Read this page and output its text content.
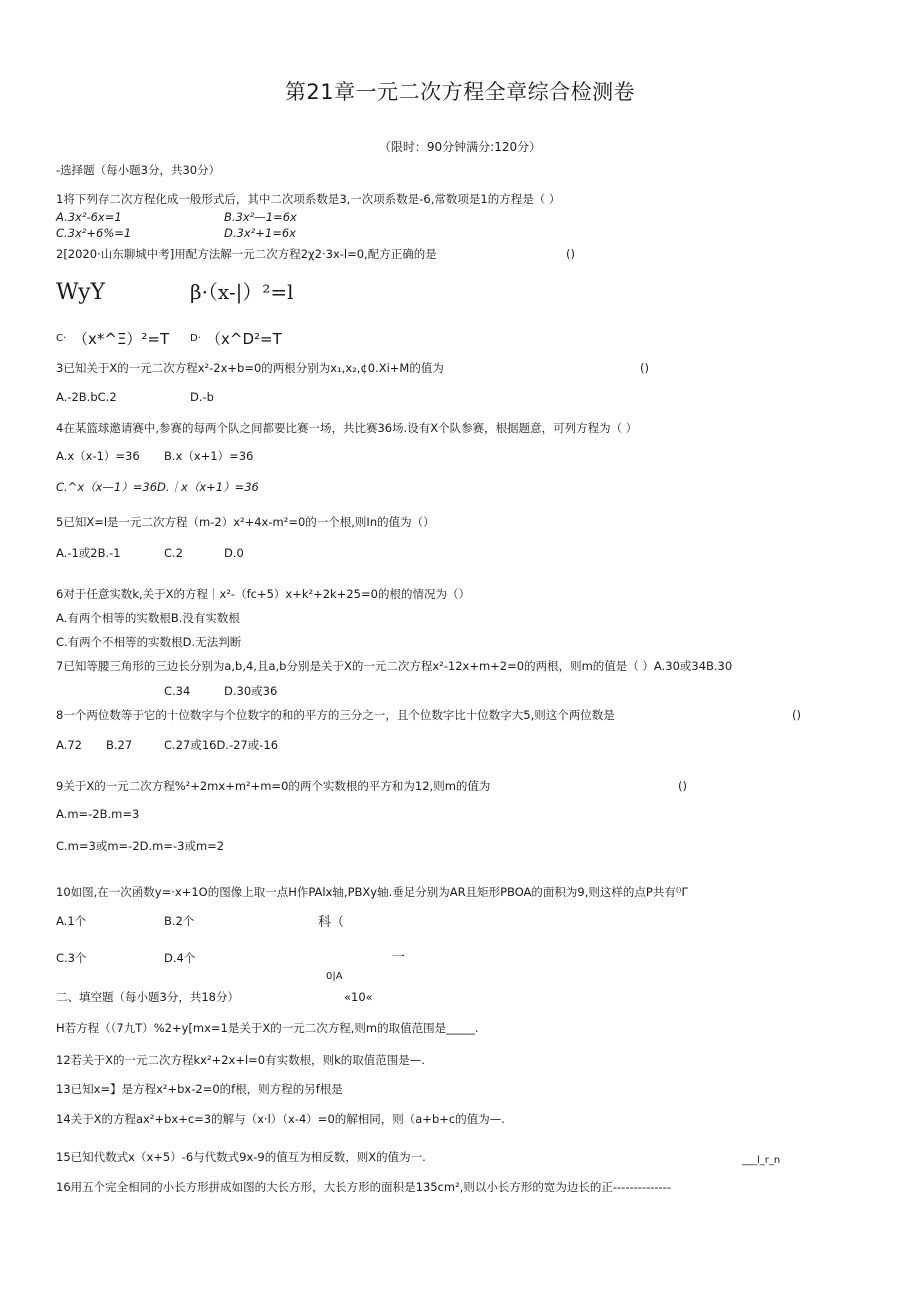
第21章一元二次方程全章综合检测卷
（限时：90分钟满分:120分）
-选择题（每小题3分，共30分）
1将下列存二次方程化成一般形式后，其中二次项系数是3,一次项系数是-6,常数项是1的方程是（ ）
A.3x²-6x=1	B.3x²—1=6x
C.3x²+6%=1	D.3x²+1=6x
2[2020·山东聊城中考]用配方法解一元二次方程2χ2·3x-l=0,配方正确的是	()
WyY	β·（x-|）²=l
C· （x*^Ξ）²=T D· （x^D²=T
3已知关于X的一元二次方程x²-2x+b=0的两根分别为x₁,x₂,¢0.Xi+M的值为	()
A.-2B.bC.2	D.-b
4在某篮球邀请赛中,参赛的每两个队之间都要比赛一场，共比赛36场.设有X个队参赛，根据题意，可列方程为（ ）
A.x（x-1）=36 B.x（x+1）=36
C.^x（x—1）=36D.｜x（x+1）=36
5已知X=l是一元二次方程（m-2）x²+4x-m²=0的一个根,则In的值为（）
A.-1或2B.-1	C.2	D.0
6对于任意实数k,关于X的方程｜x²-（fc+5）x+k²+2k+25=0的根的情况为（）
A.有两个相等的实数根B.没有实数根
C.有两个不相等的实数根D.无法判断
7已知等腰三角形的三边长分别为a,b,4,且a,b分别是关于X的一元二次方程x²-12x+m+2=0的两根，则m的值是（ ）A.30或34B.30
C.34	D.30或36
8一个两位数等于它的十位数字与个位数字的和的平方的三分之一，且个位数字比十位数字大5,则这个两位数是	()
A.72 B.27	C.27或16D.-27或-16
9关于X的一元二次方程%²+2mx+m²+m=0的两个实数根的平方和为12,则m的值为	()
A.m=-2B.m=3
C.m=3或m=-2D.m=-3或m=2
10如图,在一次函数y=·x+1O的图像上取一点H作PAlx轴,PBXy轴.垂足分别为AR且矩形PBOA的面积为9,则这样的点P共有⁽⁾Γ
A.1个	B.2个	科（
C.3个	D.4个	一
0|A
二、填空题（每小题3分，共18分）	«10«
H若方程（（7九T）%2+y[mx=1是关于X的一元二次方程,则m的取值范围是_____.
12若关于X的一元二次方程kx²+2x+l=0有实数根，则k的取值范围是—.
13已知x=】是方程x²+bx-2=0的f根，则方程的另f根是
14关于X的方程ax²+bx+c=3的解与（x·l）（x-4）=0的解相同，则（a+b+c的值为—.
15已知代数式x（x+5）-6与代数式9x-9的值互为相反数，则X的值为一.	___l_r_n
16用五个完全相同的小长方形拼成如图的大长方形，大长方形的面积是135cm²,则以小长方形的宽为边长的正--------------
